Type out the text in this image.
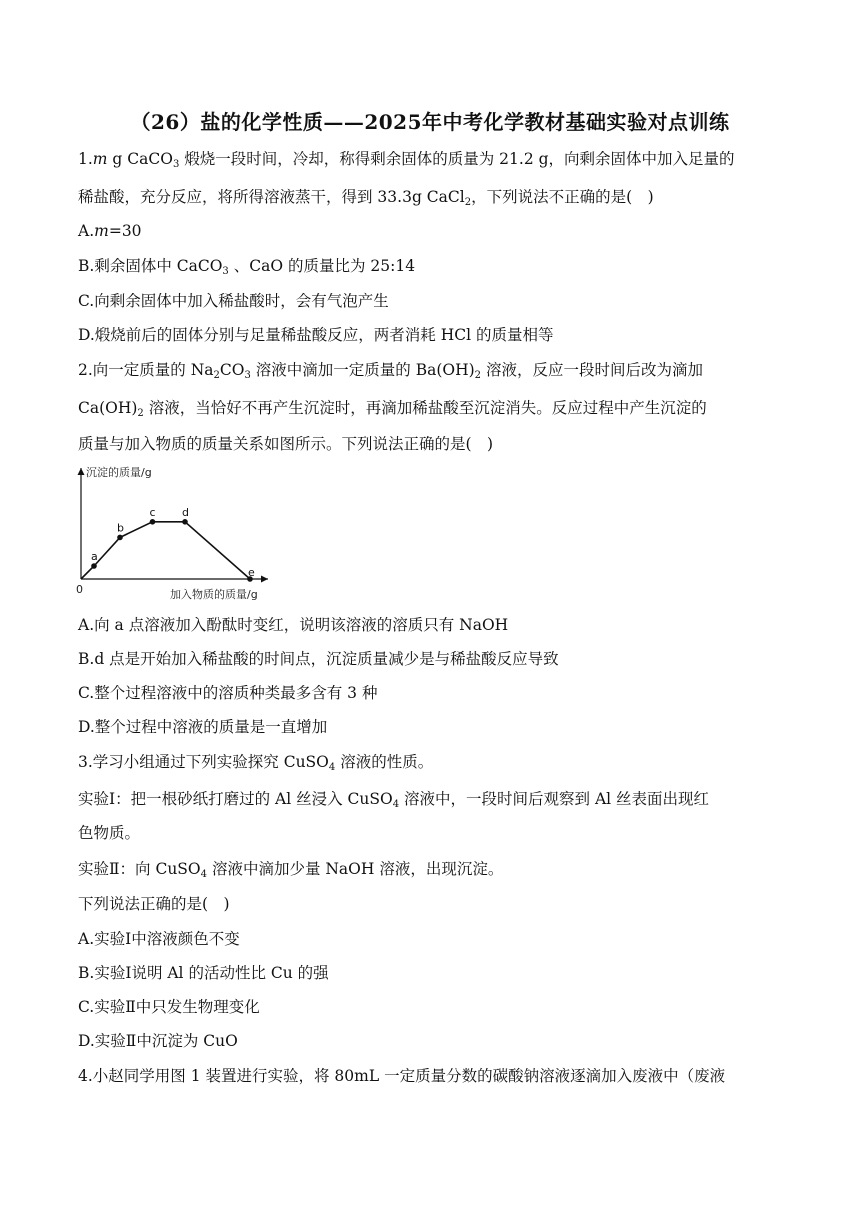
（26）盐的化学性质——2025年中考化学教材基础实验对点训练
1.m g CaCO$_3$ 煅烧一段时间，冷却，称得剩余固体的质量为 21.2 g，向剩余固体中加入足量的
稀盐酸，充分反应，将所得溶液蒸干，得到 33.3g CaCl$_2$，下列说法不正确的是(　)
A.m=30
B.剩余固体中 CaCO$_3$ 、CaO 的质量比为 25:14
C.向剩余固体中加入稀盐酸时，会有气泡产生
D.煅烧前后的固体分别与足量稀盐酸反应，两者消耗 HCl 的质量相等
2.向一定质量的 $Na_2CO_3$ 溶液中滴加一定质量的 $Ba(OH)_2$ 溶液，反应一段时间后改为滴加
$Ca(OH)_2$ 溶液，当恰好不再产生沉淀时，再滴加稀盐酸至沉淀消失。反应过程中产生沉淀的
质量与加入物质的质量关系如图所示。下列说法正确的是(　)
沉淀的质量/g
加入物质的质量/g
0
a
b
c d
e
A.向 a 点溶液加入酚酞时变红，说明该溶液的溶质只有 NaOH
B.d 点是开始加入稀盐酸的时间点，沉淀质量减少是与稀盐酸反应导致
C.整个过程溶液中的溶质种类最多含有 3 种
D.整个过程中溶液的质量是一直增加
3.学习小组通过下列实验探究 CuSO$_4$ 溶液的性质。
实验Ⅰ：把一根砂纸打磨过的 Al 丝浸入 CuSO$_4$ 溶液中，一段时间后观察到 Al 丝表面出现红
色物质。
实验Ⅱ：向 CuSO$_4$ 溶液中滴加少量 NaOH 溶液，出现沉淀。
下列说法正确的是(　)
A.实验Ⅰ中溶液颜色不变
B.实验Ⅰ说明 Al 的活动性比 Cu 的强
C.实验Ⅱ中只发生物理变化
D.实验Ⅱ中沉淀为 CuO
4.小赵同学用图 1 装置进行实验，将 80mL 一定质量分数的碳酸钠溶液逐滴加入废液中（废液
